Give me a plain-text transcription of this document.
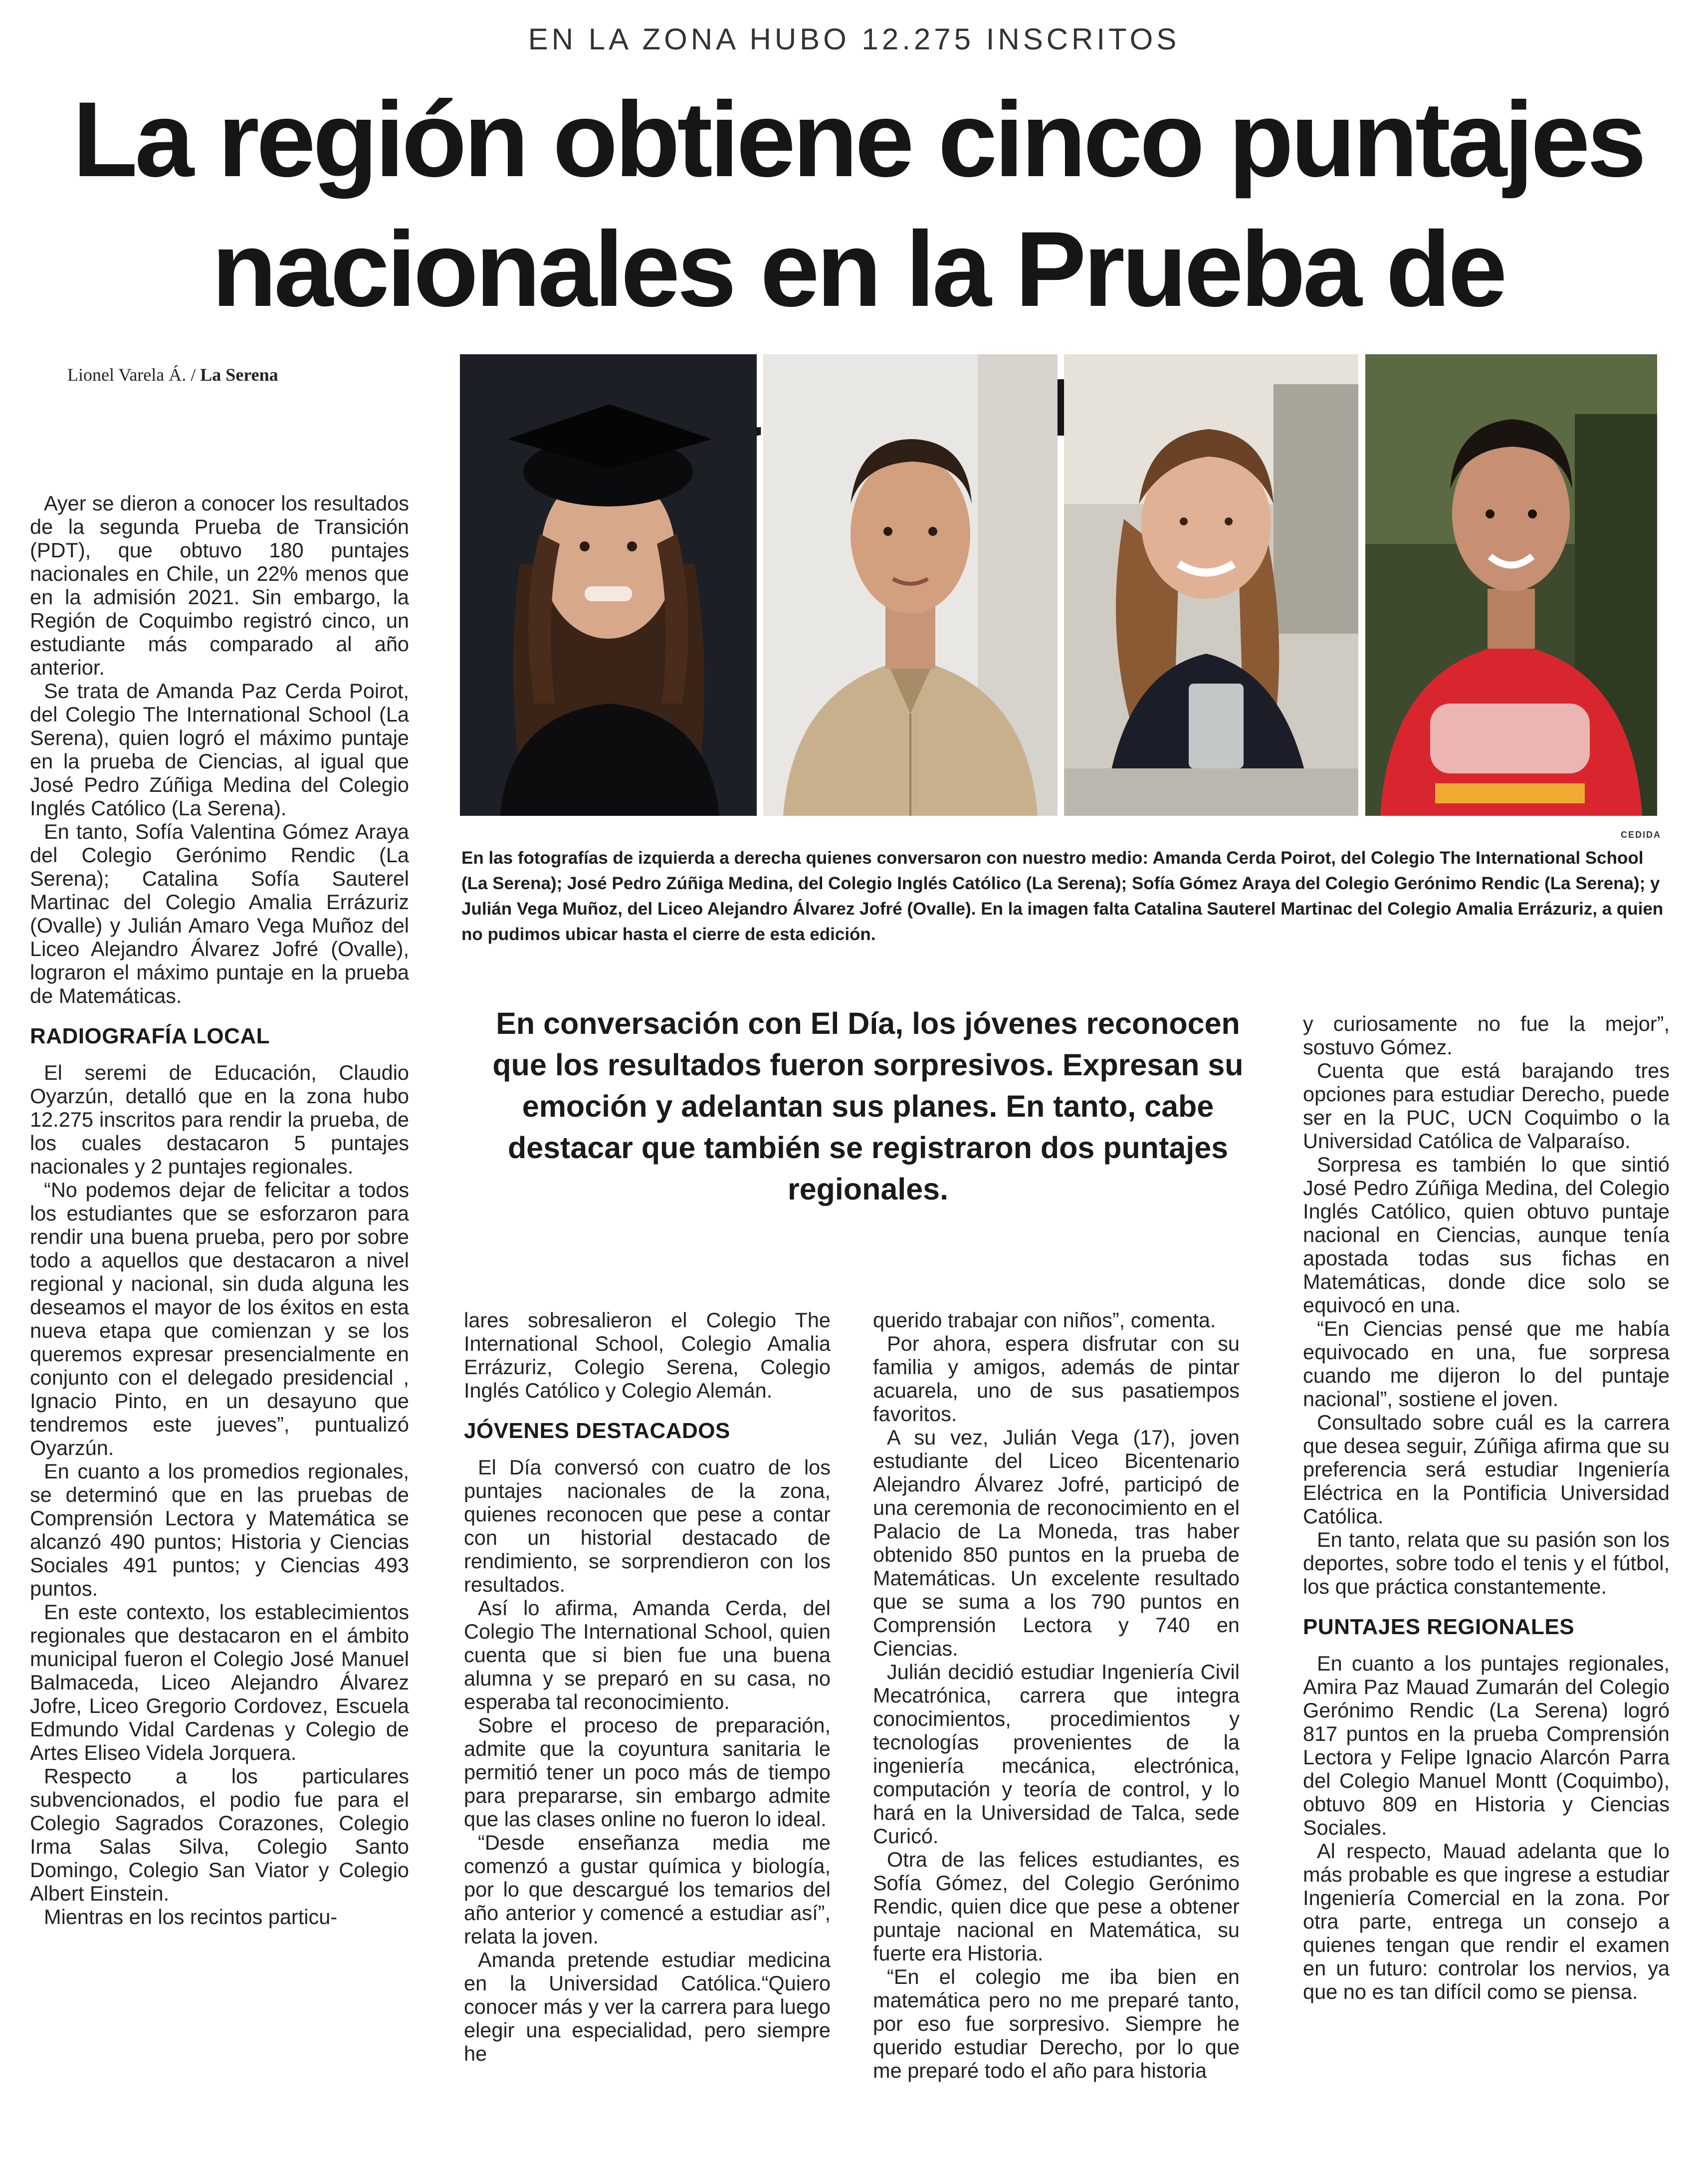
EN LA ZONA HUBO 12.275 INSCRITOS
La región obtiene cinco puntajes nacionales en la Prueba de
Lionel Varela Á. / La Serena
CEDIDA

En las fotografías de izquierda a derecha quienes conversaron con nuestro medio: Amanda Cerda Poirot, del Colegio The International School (La Serena); José Pedro Zúñiga Medina, del Colegio Inglés Católico (La Serena); Sofía Gómez Araya del Colegio Gerónimo Rendic (La Serena); y Julián Vega Muñoz, del Liceo Alejandro Álvarez Jofré (Ovalle). En la imagen falta Catalina Sauterel Martinac del Colegio Amalia Errázuriz, a quien no pudimos ubicar hasta el cierre de esta edición.

En conversación con El Día, los jóvenes reconocen que los resultados fueron sorpresivos. Expresan su emoción y adelantan sus planes. En tanto, cabe destacar que también se registraron dos puntajes regionales.

Ayer se dieron a conocer los resultados de la segunda Prueba de Transición (PDT), que obtuvo 180 puntajes nacionales en Chile, un 22% menos que en la admisión 2021. Sin embargo, la Región de Coquimbo registró cinco, un estudiante más comparado al año anterior.

Se trata de Amanda Paz Cerda Poirot, del Colegio The International School (La Serena), quien logró el máximo puntaje en la prueba de Ciencias, al igual que José Pedro Zúñiga Medina del Colegio Inglés Católico (La Serena).

En tanto, Sofía Valentina Gómez Araya del Colegio Gerónimo Rendic (La Serena); Catalina Sofía Sauterel Martinac del Colegio Amalia Errázuriz (Ovalle) y Julián Amaro Vega Muñoz del Liceo Alejandro Álvarez Jofré (Ovalle), lograron el máximo puntaje en la prueba de Matemáticas.

RADIOGRAFÍA LOCAL

El seremi de Educación, Claudio Oyarzún, detalló que en la zona hubo 12.275 inscritos para rendir la prueba, de los cuales destacaron 5 puntajes nacionales y 2 puntajes regionales.

“No podemos dejar de felicitar a todos los estudiantes que se esforzaron para rendir una buena prueba, pero por sobre todo a aquellos que destacaron a nivel regional y nacional, sin duda alguna les deseamos el mayor de los éxitos en esta nueva etapa que comienzan y se los queremos expresar presencialmente en conjunto con el delegado presidencial , Ignacio Pinto, en un desayuno que tendremos este jueves”, puntualizó Oyarzún.

En cuanto a los promedios regionales, se determinó que en las pruebas de Comprensión Lectora y Matemática se alcanzó 490 puntos; Historia y Ciencias Sociales 491 puntos; y Ciencias 493 puntos.

En este contexto, los establecimientos regionales que destacaron en el ámbito municipal fueron el Colegio José Manuel Balmaceda, Liceo Alejandro Álvarez Jofre, Liceo Gregorio Cordovez, Escuela Edmundo Vidal Cardenas y Colegio de Artes Eliseo Videla Jorquera.

Respecto a los particulares subvencionados, el podio fue para el Colegio Sagrados Corazones, Colegio Irma Salas Silva, Colegio Santo Domingo, Colegio San Viator y Colegio Albert Einstein.

Mientras en los recintos particu-

lares sobresalieron el Colegio The International School, Colegio Amalia Errázuriz, Colegio Serena, Colegio Inglés Católico y Colegio Alemán.

JÓVENES DESTACADOS

El Día conversó con cuatro de los puntajes nacionales de la zona, quienes reconocen que pese a contar con un historial destacado de rendimiento, se sorprendieron con los resultados.

Así lo afirma, Amanda Cerda, del Colegio The International School, quien cuenta que si bien fue una buena alumna y se preparó en su casa, no esperaba tal reconocimiento.

Sobre el proceso de preparación, admite que la coyuntura sanitaria le permitió tener un poco más de tiempo para prepararse, sin embargo admite que las clases online no fueron lo ideal.

“Desde enseñanza media me comenzó a gustar química y biología, por lo que descargué los temarios del año anterior y comencé a estudiar así”, relata la joven.

Amanda pretende estudiar medicina en la Universidad Católica.“Quiero conocer más y ver la carrera para luego elegir una especialidad, pero siempre he

querido trabajar con niños”, comenta.

Por ahora, espera disfrutar con su familia y amigos, además de pintar acuarela, uno de sus pasatiempos favoritos.

A su vez, Julián Vega (17), joven estudiante del Liceo Bicentenario Alejandro Álvarez Jofré, participó de una ceremonia de reconocimiento en el Palacio de La Moneda, tras haber obtenido 850 puntos en la prueba de Matemáticas. Un excelente resultado que se suma a los 790 puntos en Comprensión Lectora y 740 en Ciencias.

Julián decidió estudiar Ingeniería Civil Mecatrónica, carrera que integra conocimientos, procedimientos y tecnologías provenientes de la ingeniería mecánica, electrónica, computación y teoría de control, y lo hará en la Universidad de Talca, sede Curicó.

Otra de las felices estudiantes, es Sofía Gómez, del Colegio Gerónimo Rendic, quien dice que pese a obtener puntaje nacional en Matemática, su fuerte era Historia.

“En el colegio me iba bien en matemática pero no me preparé tanto, por eso fue sorpresivo. Siempre he querido estudiar Derecho, por lo que me preparé todo el año para historia

y curiosamente no fue la mejor”, sostuvo Gómez.

Cuenta que está barajando tres opciones para estudiar Derecho, puede ser en la PUC, UCN Coquimbo o la Universidad Católica de Valparaíso.

Sorpresa es también lo que sintió José Pedro Zúñiga Medina, del Colegio Inglés Católico, quien obtuvo puntaje nacional en Ciencias, aunque tenía apostada todas sus fichas en Matemáticas, donde dice solo se equivocó en una.

“En Ciencias pensé que me había equivocado en una, fue sorpresa cuando me dijeron lo del puntaje nacional”, sostiene el joven.

Consultado sobre cuál es la carrera que desea seguir, Zúñiga afirma que su preferencia será estudiar Ingeniería Eléctrica en la Pontificia Universidad Católica.

En tanto, relata que su pasión son los deportes, sobre todo el tenis y el fútbol, los que práctica constantemente.

PUNTAJES REGIONALES

En cuanto a los puntajes regionales, Amira Paz Mauad Zumarán del Colegio Gerónimo Rendic (La Serena) logró 817 puntos en la prueba Comprensión Lectora y Felipe Ignacio Alarcón Parra del Colegio Manuel Montt (Coquimbo), obtuvo 809 en Historia y Ciencias Sociales.

Al respecto, Mauad adelanta que lo más probable es que ingrese a estudiar Ingeniería Comercial en la zona. Por otra parte, entrega un consejo a quienes tengan que rendir el examen en un futuro: controlar los nervios, ya que no es tan difícil como se piensa.
